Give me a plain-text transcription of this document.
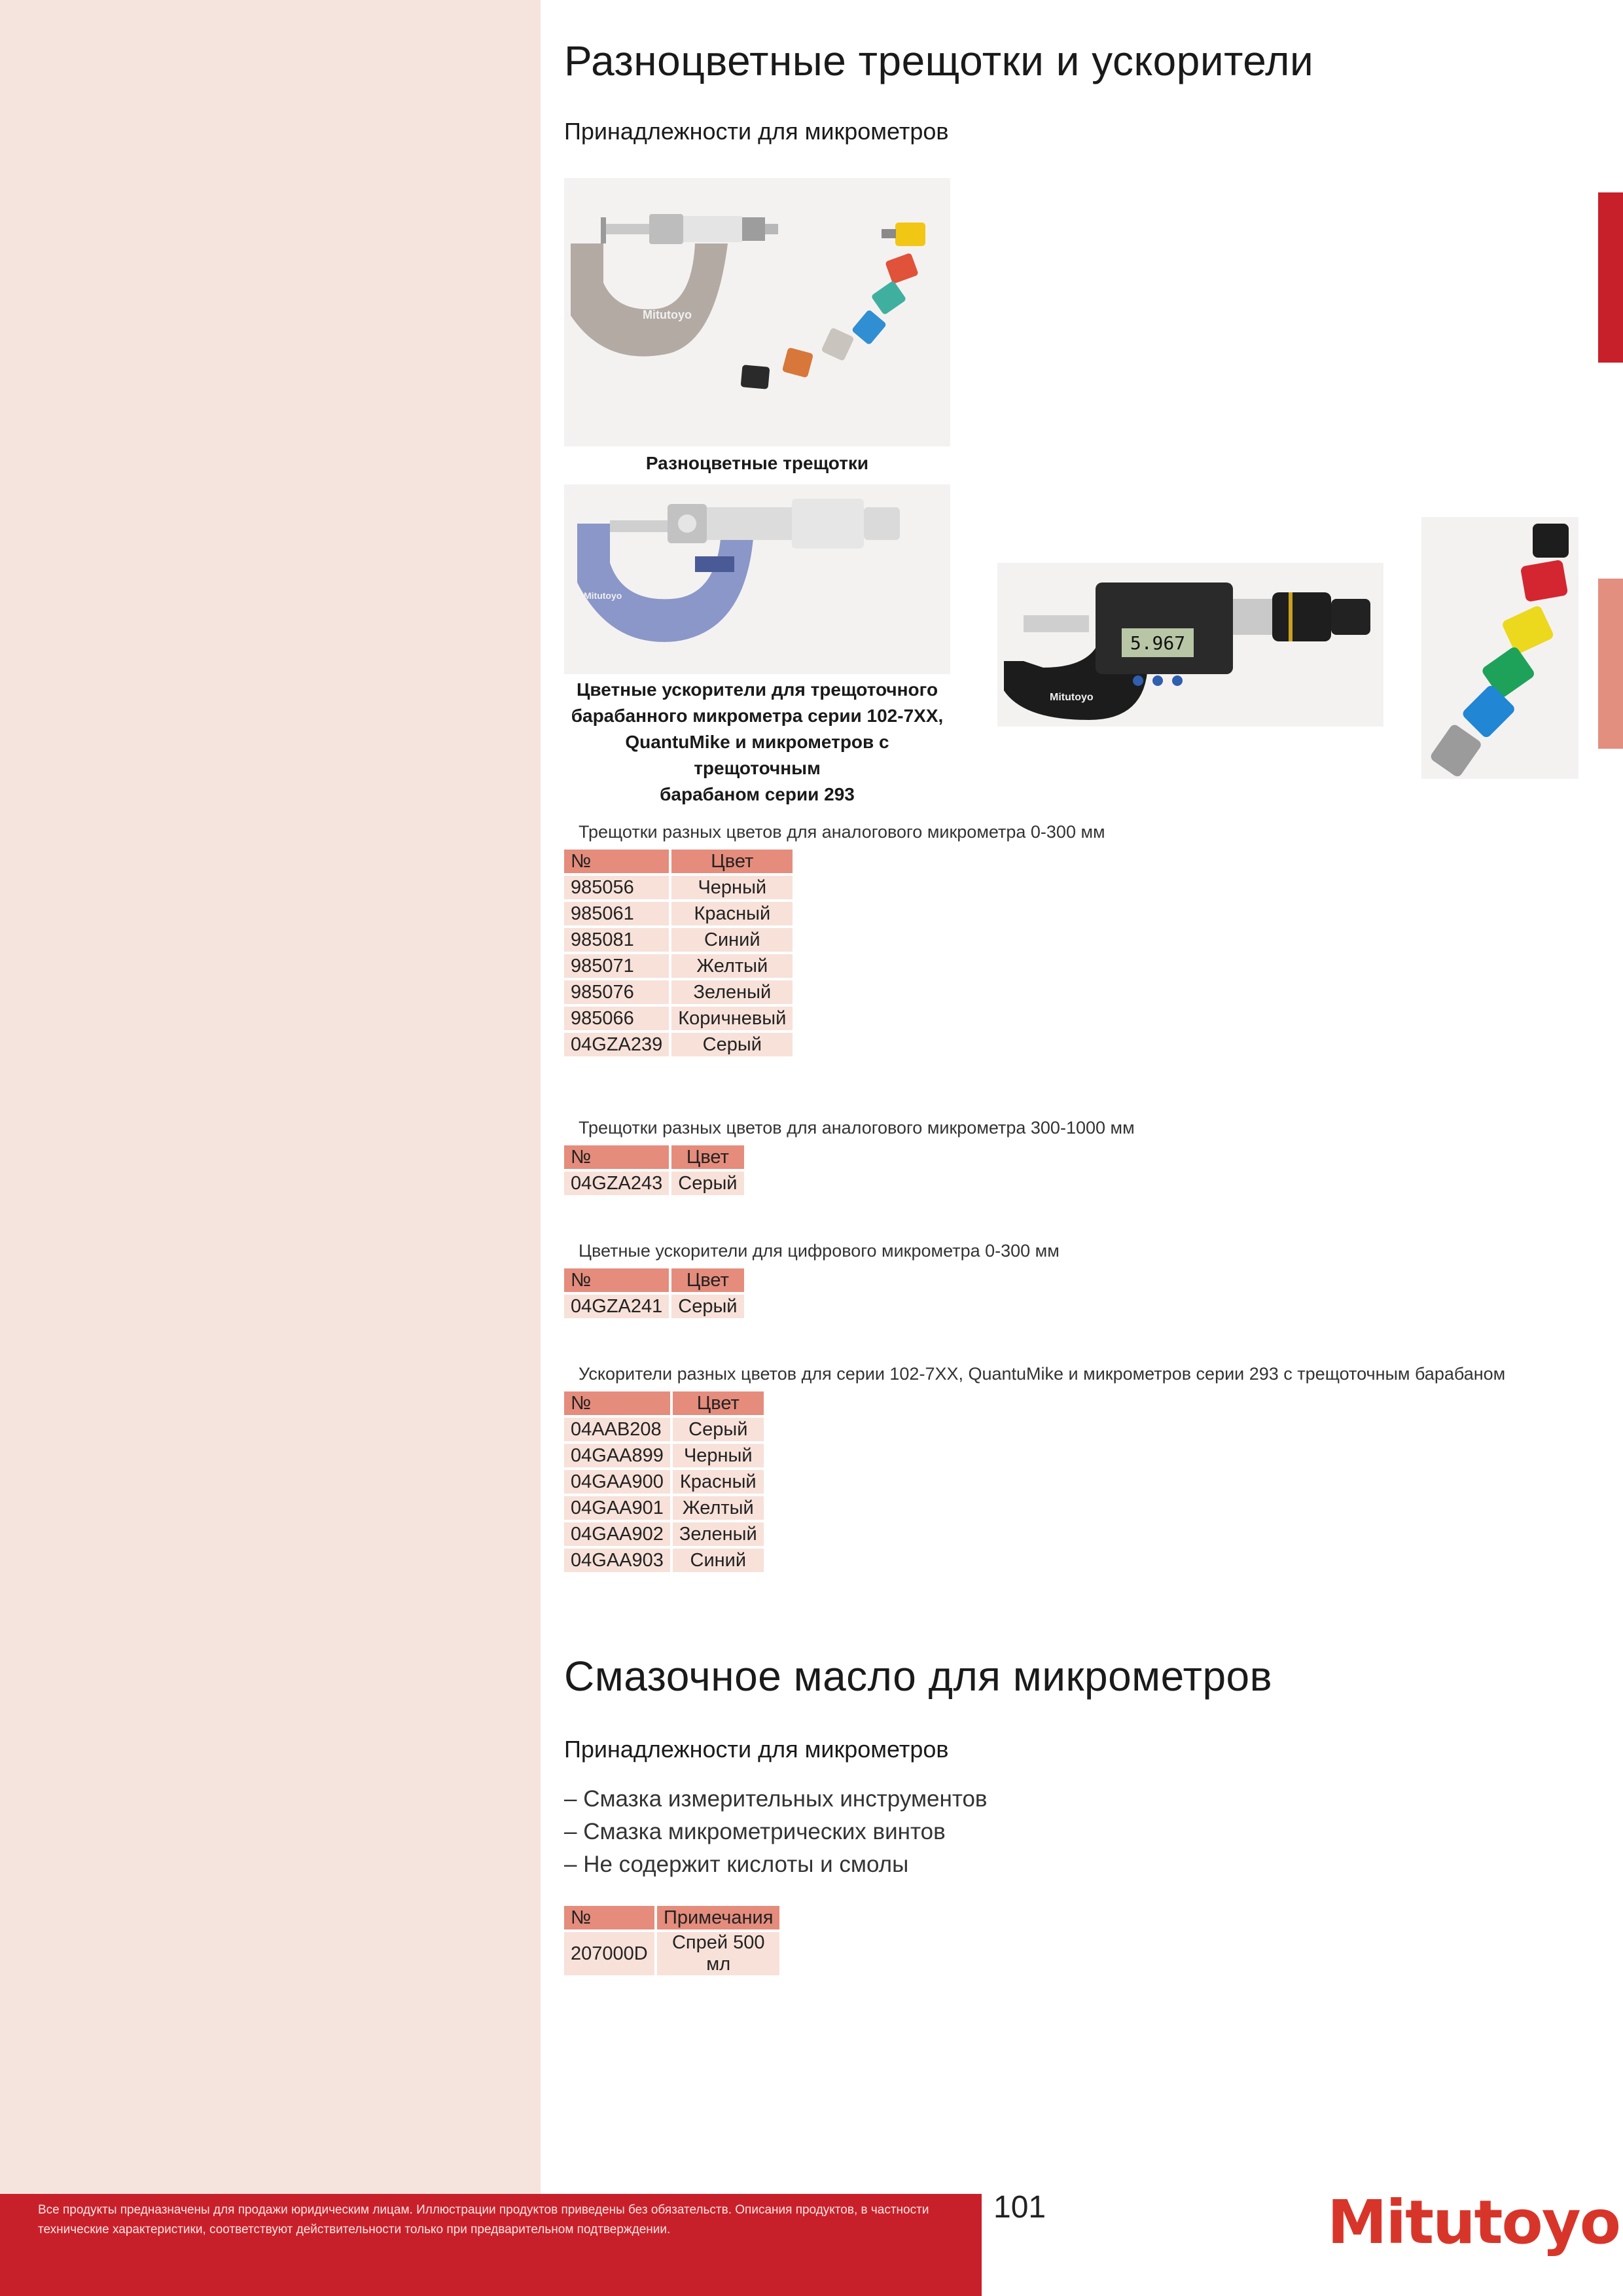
Разноцветные трещотки и ускорители
Принадлежности для микрометров
Mitutoyo
Разноцветные трещотки
Mitutoyo
Цветные ускорители для трещоточного
барабанного микрометра серии 102-7XX,
QuantuMike и микрометров с трещоточным
барабаном серии 293
5.967
Mitutoyo
Трещотки разных цветов для аналогового микрометра 0-300 мм
№	Цвет
985056	Черный
985061	Красный
985081	Синий
985071	Желтый
985076	Зеленый
985066	Коричневый
04GZA239	Серый
Трещотки разных цветов для аналогового микрометра 300-1000 мм
№	Цвет
04GZA243	Серый
Цветные ускорители для цифрового микрометра 0-300 мм
№	Цвет
04GZA241	Серый
Ускорители разных цветов для серии 102-7XX, QuantuMike и микрометров серии 293 с трещоточным барабаном
№	Цвет
04AAB208	Серый
04GAA899	Черный
04GAA900	Красный
04GAA901	Желтый
04GAA902	Зеленый
04GAA903	Синий
Смазочное масло для микрометров
Принадлежности для микрометров
– Смазка измерительных инструментов
– Смазка микрометрических винтов
– Не содержит кислоты и смолы
№	Примечания
207000D	Спрей 500 мл
Все продукты предназначены для продажи юридическим лицам. Иллюстрации продуктов приведены без обязательств. Описания продуктов, в частности технические характеристики, соответствуют действительности только при предварительном подтверждении.
101	Mitutoyo
